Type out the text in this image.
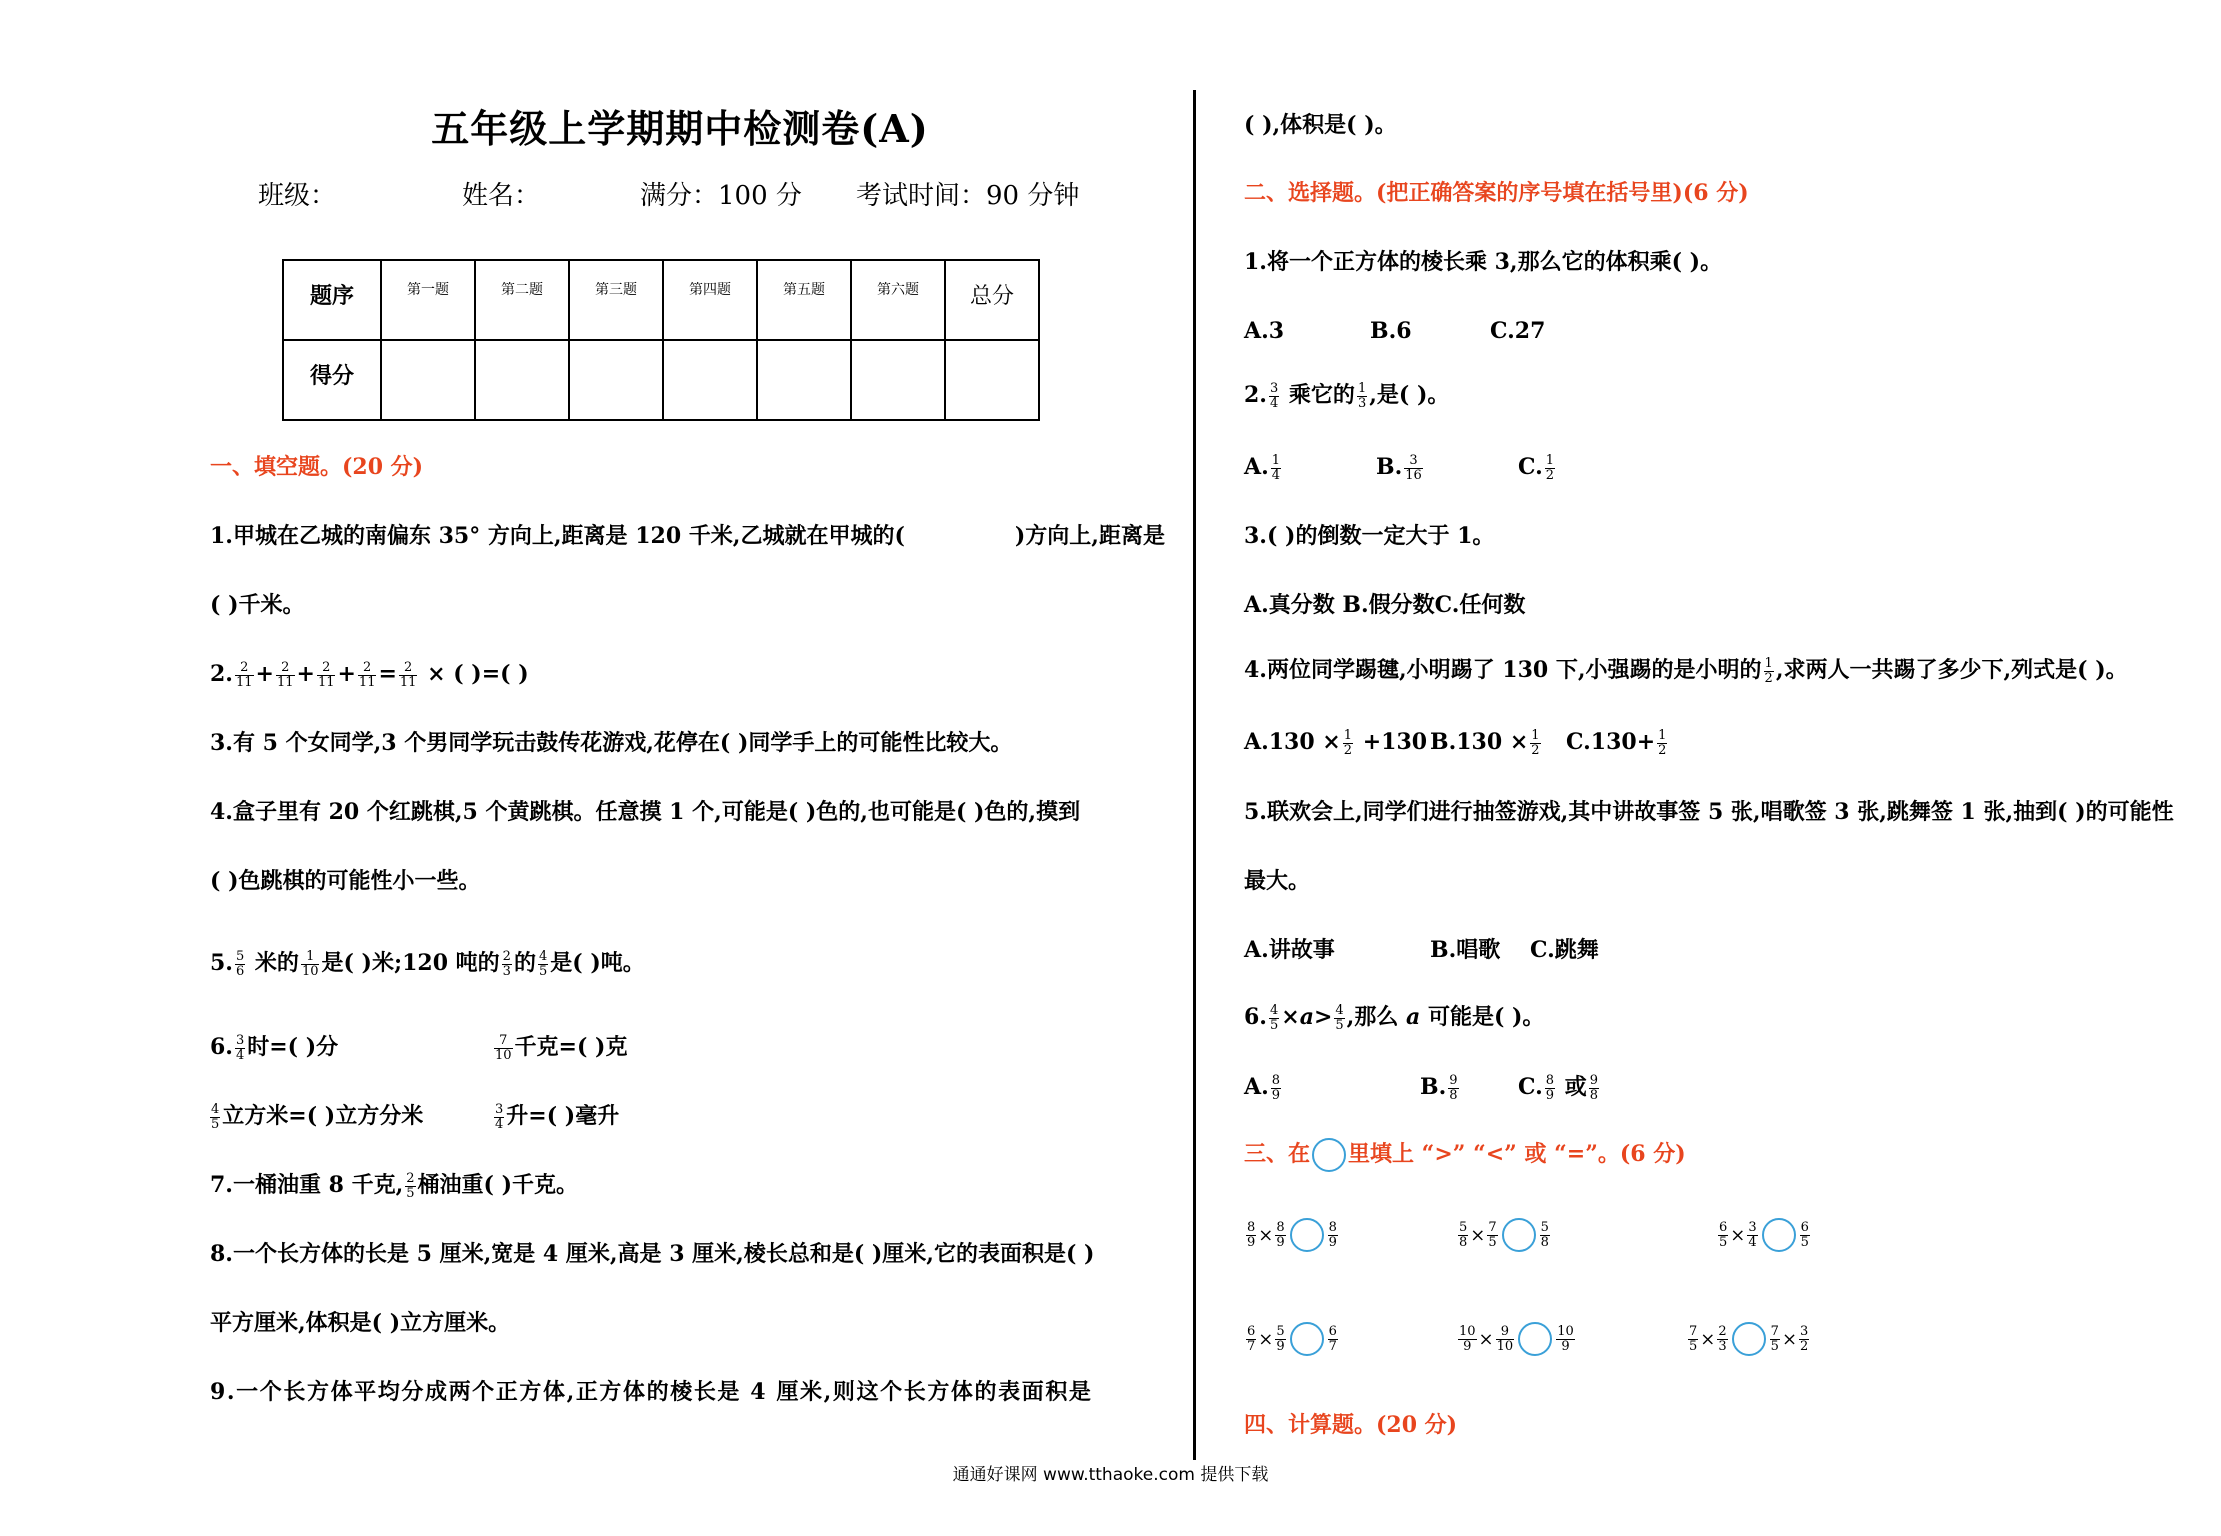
五年级上学期期中检测卷(A)
班级：	姓名：	满分：100 分 考试时间：90 分钟
题序	第一题	第二题	第三题	第四题	第五题	第六题	总分

得分							

一、填空题。(20 分)
1.甲城在乙城的南偏东 35° 方向上,距离是 120 千米,乙城就在甲城的(	)方向上,距离是
( )千米。
2. $\frac{2}{11} + \frac{2}{11} + \frac{2}{11} + \frac{2}{11} = \frac{2}{11}$ × ( )=( )
3.有 5 个女同学,3 个男同学玩击鼓传花游戏,花停在( )同学手上的可能性比较大。
4.盒子里有 20 个红跳棋,5 个黄跳棋。任意摸 1 个,可能是( )色的,也可能是( )色的,摸到
( )色跳棋的可能性小一些。
5. $\frac{5}{6}$ 米的 $\frac{1}{10}$ 是( )米;120 吨的 $\frac{2}{3}$ 的 $\frac{4}{5}$ 是( )吨。
6. $\frac{3}{4}$ 时=( )分	$\frac{7}{10}$ 千克=( )克
$\frac{4}{5}$ 立方米=( )立方分米	$\frac{3}{4}$ 升=( )毫升
7.一桶油重 8 千克, $\frac{2}{5}$ 桶油重( )千克。
8.一个长方体的长是 5 厘米,宽是 4 厘米,高是 3 厘米,棱长总和是( )厘米,它的表面积是( )
平方厘米,体积是( )立方厘米。
9.一个长方体平均分成两个正方体,正方体的棱长是 4 厘米,则这个长方体的表面积是
( ),体积是( )。
二、选择题。(把正确答案的序号填在括号里)(6 分)
1.将一个正方体的棱长乘 3,那么它的体积乘( )。
A.3	B.6	C.27
2. $\frac{3}{4}$ 乘它的 $\frac{1}{3}$ ,是( )。
A. $\frac{1}{4}$	B. $\frac{3}{16}$	C. $\frac{1}{2}$
3.( )的倒数一定大于 1。
A.真分数 B.假分数C.任何数
4.两位同学踢毽,小明踢了 130 下,小强踢的是小明的 $\frac{1}{2}$ ,求两人一共踢了多少下,列式是( )。
$A.130 \times \frac{1}{2} +130$ $B.130 \times \frac{1}{2} C.130+ \frac{1}{2}$
5.联欢会上,同学们进行抽签游戏,其中讲故事签 5 张,唱歌签 3 张,跳舞签 1 张,抽到( )的可能性
最大。
A.讲故事	B.唱歌 C.跳舞
6. $\frac{4}{5} \times a> \frac{4}{5}$ ,那么 a 可能是( )。
A. $\frac{8}{9}$	B. $\frac{9}{8}$	C. $\frac{8}{9}$ 或 $\frac{9}{8}$
三、在 里填上 “>” “<” 或 “=”。(6 分)
$\frac{8}{9} \times \frac{8}{9}$	$\frac{8}{9}$	$\frac{5}{8} \times \frac{7}{5}$	$\frac{5}{8}$	$\frac{6}{5} \times \frac{3}{4}$	$\frac{6}{5}$
$\frac{6}{7} \times \frac{5}{9}$	$\frac{6}{7}$	$\frac{10}{9} \times \frac{9}{10}$	$\frac{10}{9}$	$\frac{7}{5} \times \frac{2}{3}$	$\frac{7}{5} \times \frac{3}{2}$
四、计算题。(20 分)
通通好课网 www.tthaoke.com 提供下载
